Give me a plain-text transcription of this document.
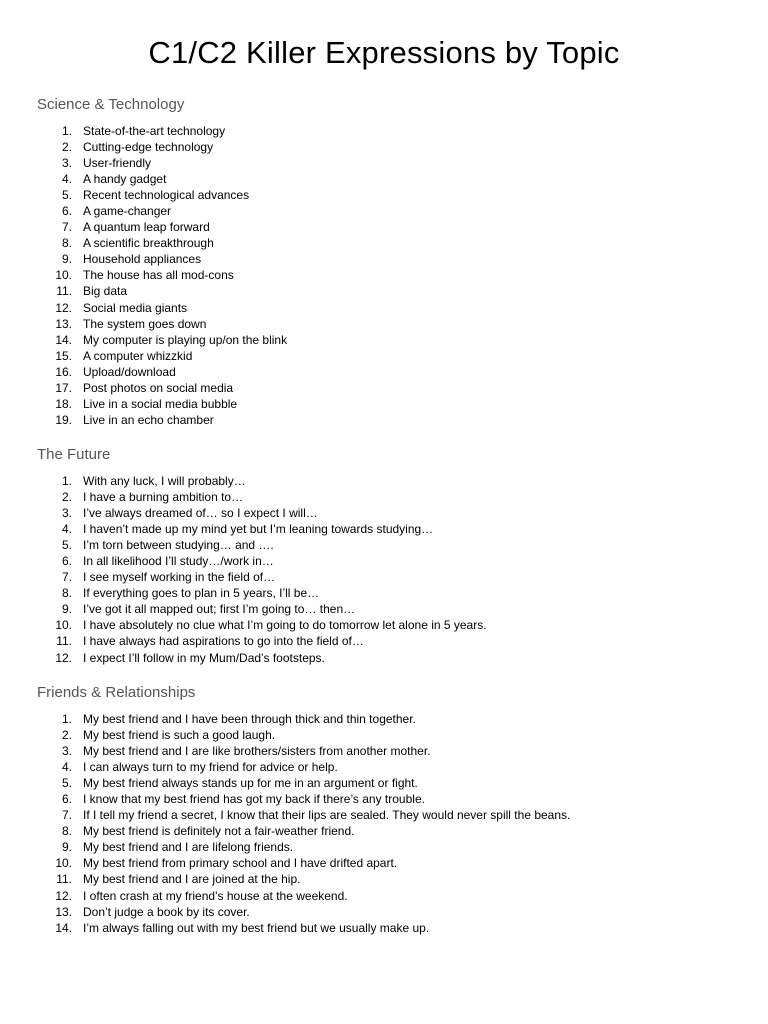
C1/C2 Killer Expressions by Topic
Science & Technology
1. State-of-the-art technology
2. Cutting-edge technology
3. User-friendly
4. A handy gadget
5. Recent technological advances
6. A game-changer
7. A quantum leap forward
8. A scientific breakthrough
9. Household appliances
10. The house has all mod-cons
11. Big data
12. Social media giants
13. The system goes down
14. My computer is playing up/on the blink
15. A computer whizzkid
16. Upload/download
17. Post photos on social media
18. Live in a social media bubble
19. Live in an echo chamber
The Future
1. With any luck, I will probably…
2. I have a burning ambition to…
3. I’ve always dreamed of… so I expect I will…
4. I haven’t made up my mind yet but I’m leaning towards studying…
5. I’m torn between studying… and ….
6. In all likelihood I’ll study…/work in…
7. I see myself working in the field of…
8. If everything goes to plan in 5 years, I’ll be…
9. I’ve got it all mapped out; first I’m going to… then…
10. I have absolutely no clue what I’m going to do tomorrow let alone in 5 years.
11. I have always had aspirations to go into the field of…
12. I expect I’ll follow in my Mum/Dad’s footsteps.
Friends & Relationships
1. My best friend and I have been through thick and thin together.
2. My best friend is such a good laugh.
3. My best friend and I are like brothers/sisters from another mother.
4. I can always turn to my friend for advice or help.
5. My best friend always stands up for me in an argument or fight.
6. I know that my best friend has got my back if there’s any trouble.
7. If I tell my friend a secret, I know that their lips are sealed. They would never spill the beans.
8. My best friend is definitely not a fair-weather friend.
9. My best friend and I are lifelong friends.
10. My best friend from primary school and I have drifted apart.
11. My best friend and I are joined at the hip.
12. I often crash at my friend’s house at the weekend.
13. Don’t judge a book by its cover.
14. I’m always falling out with my best friend but we usually make up.
